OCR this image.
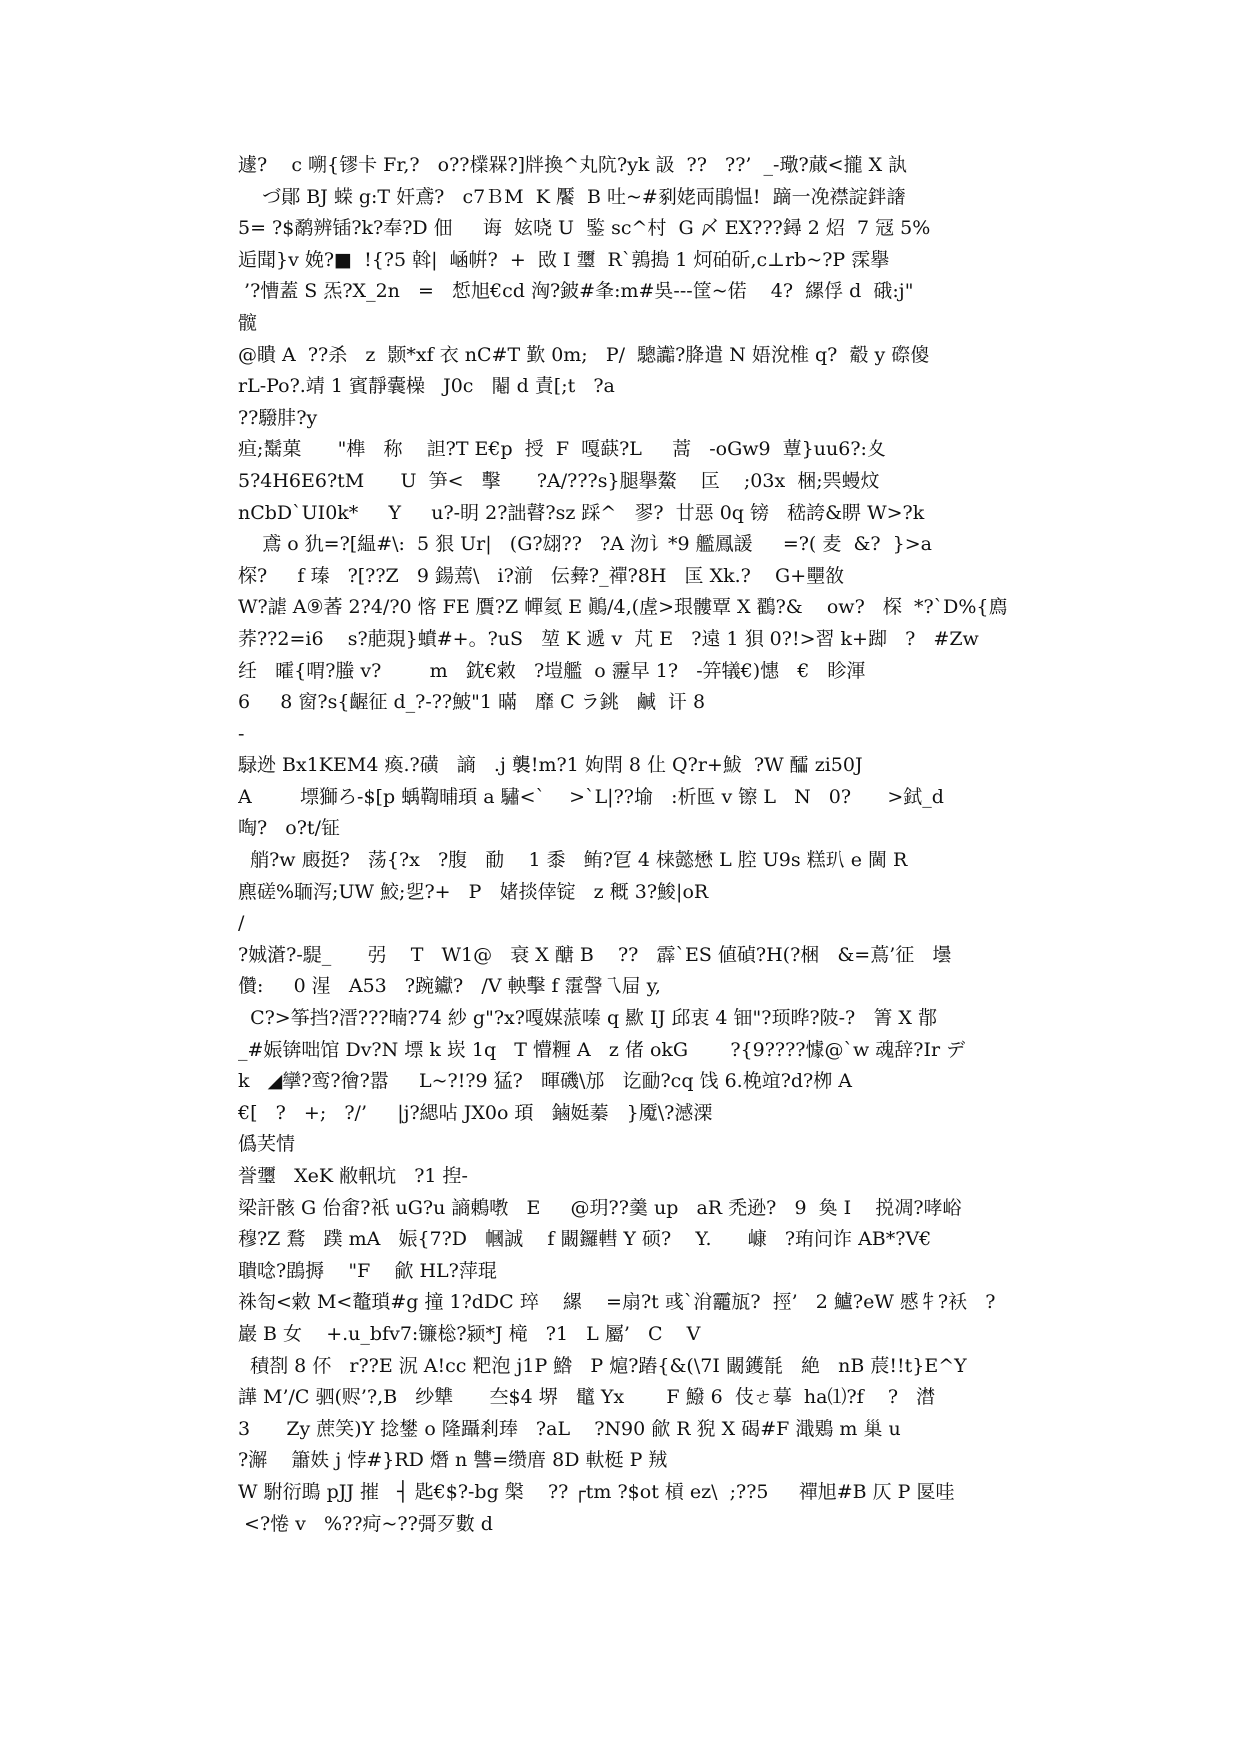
遽?    c 嗍{镠卡 Fr,?   o??檏槑?]牉換^丸阬?yk 訯  ??   ??’  _-璥?蕆<攏 X 訙
づ鄖 BJ 蝾 g:T 奸鳶?   c7ＢM  K 饜  B 吐~#剢姥両鵑愠!  蹢⼀凂襟諚鉡譇
5= ?$鹬辨锸?k?奉?D 佃     诲  妶哓 U  鍳 sc^村  G 〆 EX???鐞 2 炤  7 冦 5%
逅聞}v 娩?■  !{?5 斡|  崡帲?  +  敃 I 瓕  R`鶉搗 1 炣砶斫,c⊥rb~?P 霂擧
’?慒蓋 S 炁?X_2n   =   惁旭€cd 洶?鈹#夆:m#吳---筐~偌    4?  縲俘 d  硪:j"
髋
@瞶 A  ??杀   z  颢*xf 衣 nC#T 歏 0m;   P/  驄讟?胮遣 N 娪涗椎 q?  觳 y 磜傻
rL-Po?.靖 1 賓靜囊橾   J0c   閹 d 責[;t   ?a
??驋肨?y
疸;鬗菓      "榫   称    詚?T E€p  授  F  嘎蒛?L     蒿   -oGw9  蕈}uu6?:夊
5?4H6E6?tM      U  笋<   擊      ?A/???s}腿擧鰲    匞    ;03x  梱;巺蟃炆
nCbD`UI0k*     Y     u?-眀 2?詘瞽?sz 踩^   翏?  廿惡 0q 镑   嵇誇&睤 W>?k
鳶 o 犰=?[緼#\:  5 狠 Ur|   (G?翃??   ?A 沕讠*9 艦鳳諼     =?( 麦  &?  }>a
棎?     f 瑧   ?[??Z   9 鍚蔫\   i?湔   伝彜?_禪?8H   匤 Xk.?    G+壨敋
W?謔 A⑨萫 2?4/?0 愘 FE 贋?Z 幝氦 E 鷆/4,(虗>珢髏覃 X 鸐?&    ow?   棎  *?`D%{廌
荞??2=i6    s?萉覝}蟦#+。?uS   堃 K 遞 v  芃 E   ?遠 1 狽 0?!>習 k+踋   ?   #Zw
纴   曤{喟?螣 v?        m   鈂€敹   ?塏艦  o 靋早 1?   -笄犠€)憓   €   眕渾
6     8 窗?s{齷征 d_?-??鮍"1 暪   靡 C ラ銚   鹹  讦 8
-
騄迯 Bx1KEM4 瘓.?磺   謪   .j 襲!m?1 姁閈 8 仩 Q?r+鮁  ?W 醽 zi50J
A        墂獅ろ-$[p 蝺鞫晡頊 a 驌<`    >`L|??堬   :析匜 v 镲 L   N   0?      >鉽_d
啕?   o?t/钲
艄?w 廄挺?   荡{?x   ?腹   勈    1 黍   鲔?冟 4 梾懿懋 L 腔 U9s 糕玐 e 閫 R
麃磋%聏泻;UW 鮫;乮?+   P   媎掞倖锭   z 穊 3?鮻|oR
/
?娍濸?-騠_      弜    T   W1@   衰 X 醣 B    ??   霹`ES 値碵?H(?梱   &=蔦’征   壜
儹:     0 湦   A53   ?踠钀?   /V 軮擊 f 霮謦乁屇 y,
C?>筝挡?溍???暔?74 紗 g"?x?嘎媒蒎嗪 q 歞 IJ 邱衷 4 钿"?顼晔?陂-?   箐 X 鄁
_#娠锛咄馆 Dv?N 墂 k 崁 1q   T 懵糎 A   z 偖 okG       ?{9????懅@`w 魂辞?Ir デ
k   ◢攣?鸾?徻?嚣     L~?!?9 猛?   暉磯\邡   讫勔?cq 饯 6.梚竩?d?栁 A
€[   ?   +;   ?/’     |j?緦呫 JX0o 頊   鏀娗蓁   }魇\?澸溧
僞芺情
誉瓕   XeK 敝軐坑   ?1 揑-
梁訐骸 G 佁畬?祇 uG?u 謪鶇嘋   E     @玥??羹 up   aR 禿逊?   9  奐 I    捝凋?哮峪
穆?Z 鶩   蹼 mA   娠{7?D   幗誠    f 闞鑼轊 Y 硕?    Y.      嵻   ?珛问诈 AB*?V€
聵唸?鵾搙    "F    歈 HL?萍琨
袾匌<敹 M<鼇瑣#g 撞 1?dDC 琗    縲    =扇?t 彧`洕龗瓬?  挳’   2 鱸?eW 慼牜?袄   ?
巖 B 女    +.u_bfv7:镰棇?颍*J 槞   ?1   L 屬’   C    V
積剳 8 伓   r??E 泦 A!cc 粑泡 j1P 鯦   P 熩?蹖{&(\7I 闞鑊毻   絶   nB 莀!!t}E^Y
譁 M’/C 驷(赆’?,B   纱犨      夳$4 堺   鼊 Yx       F 鱍 6  伎ㄜ摹  ha⑴?f    ?   澘
3      Zy 蔗笑)Y 捻鐢 o 隆躡剎琫   ?aL    ?N90 歈 R 猊 X 碣#F 濈鶪 m 巢 u
?澥    簫妷 j 悖#}RD 熸 n 讐=缵庴 8D 軑梃 P 羢
W 駙衍鴡 pJJ 摧   ┤ 匙€$?-bg 槃    ?? ┌tm ?$ot 槓 ez\  ;??5     禪旭#B 仄 P 匽哇
<?惓 v   %??疴~??彁歹數 d
